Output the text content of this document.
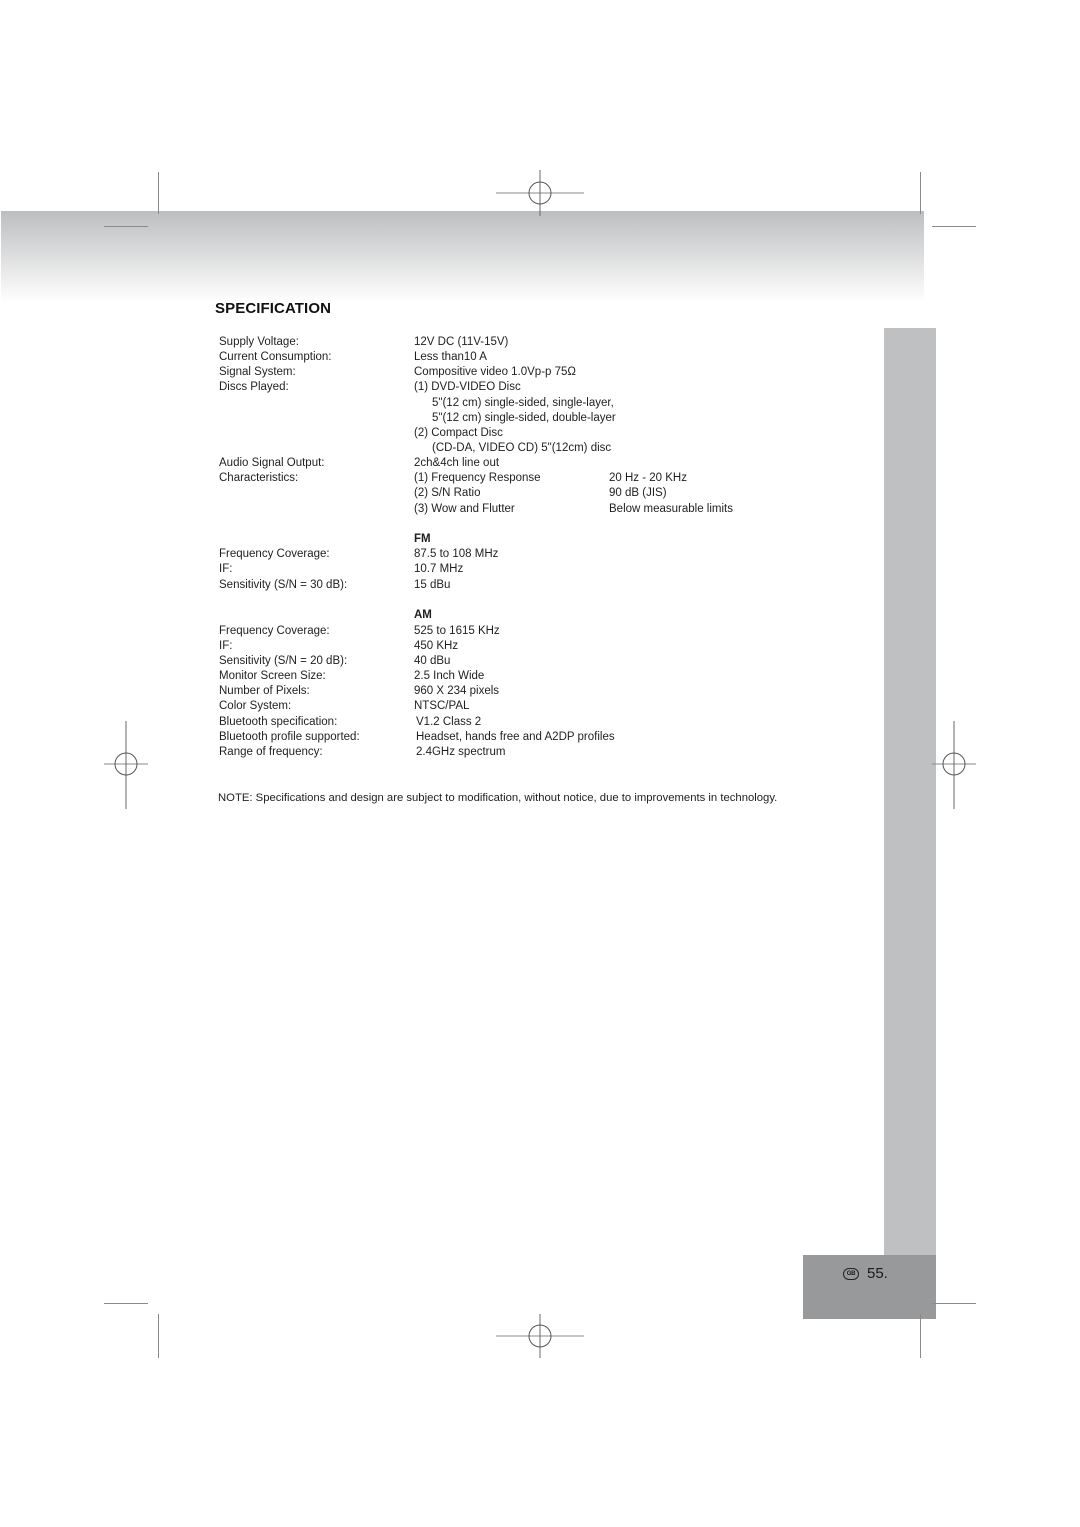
SPECIFICATION
Supply Voltage:	12V DC (11V-15V)
Current Consumption:	Less than10 A
Signal System:	Compositive video 1.0Vp-p 75Ω
Discs Played:	(1) DVD-VIDEO Disc
5"(12 cm) single-sided, single-layer,
5"(12 cm) single-sided, double-layer
(2) Compact Disc
(CD-DA, VIDEO CD) 5"(12cm) disc
Audio Signal Output:	2ch&4ch line out
Characteristics:	(1) Frequency Response	20 Hz - 20 KHz
(2) S/N Ratio	90 dB (JIS)
(3) Wow and Flutter	Below measurable limits
FM
Frequency Coverage:	87.5 to 108 MHz
IF:	10.7 MHz
Sensitivity (S/N = 30 dB):	15 dBu
AM
Frequency Coverage:	525 to 1615 KHz
IF:	450 KHz
Sensitivity (S/N = 20 dB):	40 dBu
Monitor Screen Size:	2.5 Inch Wide
Number of Pixels:	960 X 234 pixels
Color System:	NTSC/PAL
Bluetooth specification:	V1.2 Class 2
Bluetooth profile supported:	Headset, hands free and A2DP profiles
Range of frequency:	2.4GHz spectrum
NOTE: Specifications and design are subject to modification, without notice, due to improvements in technology.
GB 55.
